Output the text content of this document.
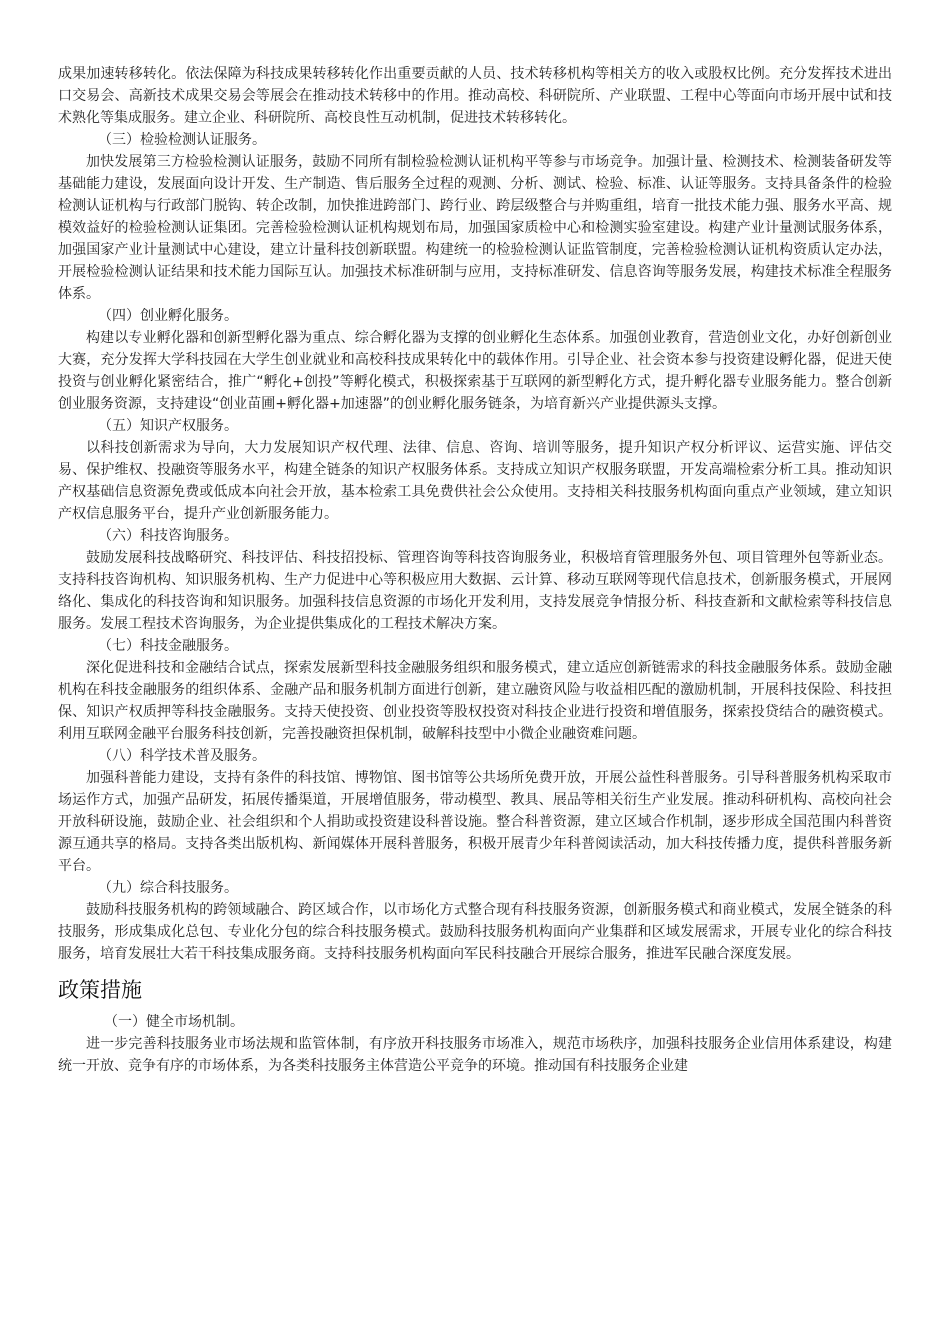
成果加速转移转化。依法保障为科技成果转移转化作出重要贡献的人员、技术转移机构等相关方的收入或股权比例。充分发挥技术进出口交易会、高新技术成果交易会等展会在推动技术转移中的作用。推动高校、科研院所、产业联盟、工程中心等面向市场开展中试和技术熟化等集成服务。建立企业、科研院所、高校良性互动机制，促进技术转移转化。

（三）检验检测认证服务。

加快发展第三方检验检测认证服务，鼓励不同所有制检验检测认证机构平等参与市场竞争。加强计量、检测技术、检测装备研发等基础能力建设，发展面向设计开发、生产制造、售后服务全过程的观测、分析、测试、检验、标准、认证等服务。支持具备条件的检验检测认证机构与行政部门脱钩、转企改制，加快推进跨部门、跨行业、跨层级整合与并购重组，培育一批技术能力强、服务水平高、规模效益好的检验检测认证集团。完善检验检测认证机构规划布局，加强国家质检中心和检测实验室建设。构建产业计量测试服务体系，加强国家产业计量测试中心建设，建立计量科技创新联盟。构建统一的检验检测认证监管制度，完善检验检测认证机构资质认定办法，开展检验检测认证结果和技术能力国际互认。加强技术标准研制与应用，支持标准研发、信息咨询等服务发展，构建技术标准全程服务体系。

（四）创业孵化服务。

构建以专业孵化器和创新型孵化器为重点、综合孵化器为支撑的创业孵化生态体系。加强创业教育，营造创业文化，办好创新创业大赛，充分发挥大学科技园在大学生创业就业和高校科技成果转化中的载体作用。引导企业、社会资本参与投资建设孵化器，促进天使投资与创业孵化紧密结合，推广“孵化+创投”等孵化模式，积极探索基于互联网的新型孵化方式，提升孵化器专业服务能力。整合创新创业服务资源，支持建设“创业苗圃+孵化器+加速器”的创业孵化服务链条，为培育新兴产业提供源头支撑。

（五）知识产权服务。

以科技创新需求为导向，大力发展知识产权代理、法律、信息、咨询、培训等服务，提升知识产权分析评议、运营实施、评估交易、保护维权、投融资等服务水平，构建全链条的知识产权服务体系。支持成立知识产权服务联盟，开发高端检索分析工具。推动知识产权基础信息资源免费或低成本向社会开放，基本检索工具免费供社会公众使用。支持相关科技服务机构面向重点产业领域，建立知识产权信息服务平台，提升产业创新服务能力。

（六）科技咨询服务。

鼓励发展科技战略研究、科技评估、科技招投标、管理咨询等科技咨询服务业，积极培育管理服务外包、项目管理外包等新业态。支持科技咨询机构、知识服务机构、生产力促进中心等积极应用大数据、云计算、移动互联网等现代信息技术，创新服务模式，开展网络化、集成化的科技咨询和知识服务。加强科技信息资源的市场化开发利用，支持发展竞争情报分析、科技查新和文献检索等科技信息服务。发展工程技术咨询服务，为企业提供集成化的工程技术解决方案。

（七）科技金融服务。

深化促进科技和金融结合试点，探索发展新型科技金融服务组织和服务模式，建立适应创新链需求的科技金融服务体系。鼓励金融机构在科技金融服务的组织体系、金融产品和服务机制方面进行创新，建立融资风险与收益相匹配的激励机制，开展科技保险、科技担保、知识产权质押等科技金融服务。支持天使投资、创业投资等股权投资对科技企业进行投资和增值服务，探索投贷结合的融资模式。利用互联网金融平台服务科技创新，完善投融资担保机制，破解科技型中小微企业融资难问题。

（八）科学技术普及服务。

加强科普能力建设，支持有条件的科技馆、博物馆、图书馆等公共场所免费开放，开展公益性科普服务。引导科普服务机构采取市场运作方式，加强产品研发，拓展传播渠道，开展增值服务，带动模型、教具、展品等相关衍生产业发展。推动科研机构、高校向社会开放科研设施，鼓励企业、社会组织和个人捐助或投资建设科普设施。整合科普资源，建立区域合作机制，逐步形成全国范围内科普资源互通共享的格局。支持各类出版机构、新闻媒体开展科普服务，积极开展青少年科普阅读活动，加大科技传播力度，提供科普服务新平台。

（九）综合科技服务。

鼓励科技服务机构的跨领域融合、跨区域合作，以市场化方式整合现有科技服务资源，创新服务模式和商业模式，发展全链条的科技服务，形成集成化总包、专业化分包的综合科技服务模式。鼓励科技服务机构面向产业集群和区域发展需求，开展专业化的综合科技服务，培育发展壮大若干科技集成服务商。支持科技服务机构面向军民科技融合开展综合服务，推进军民融合深度发展。

政策措施

（一）健全市场机制。

进一步完善科技服务业市场法规和监管体制，有序放开科技服务市场准入，规范市场秩序，加强科技服务企业信用体系建设，构建统一开放、竞争有序的市场体系，为各类科技服务主体营造公平竞争的环境。推动国有科技服务企业建
